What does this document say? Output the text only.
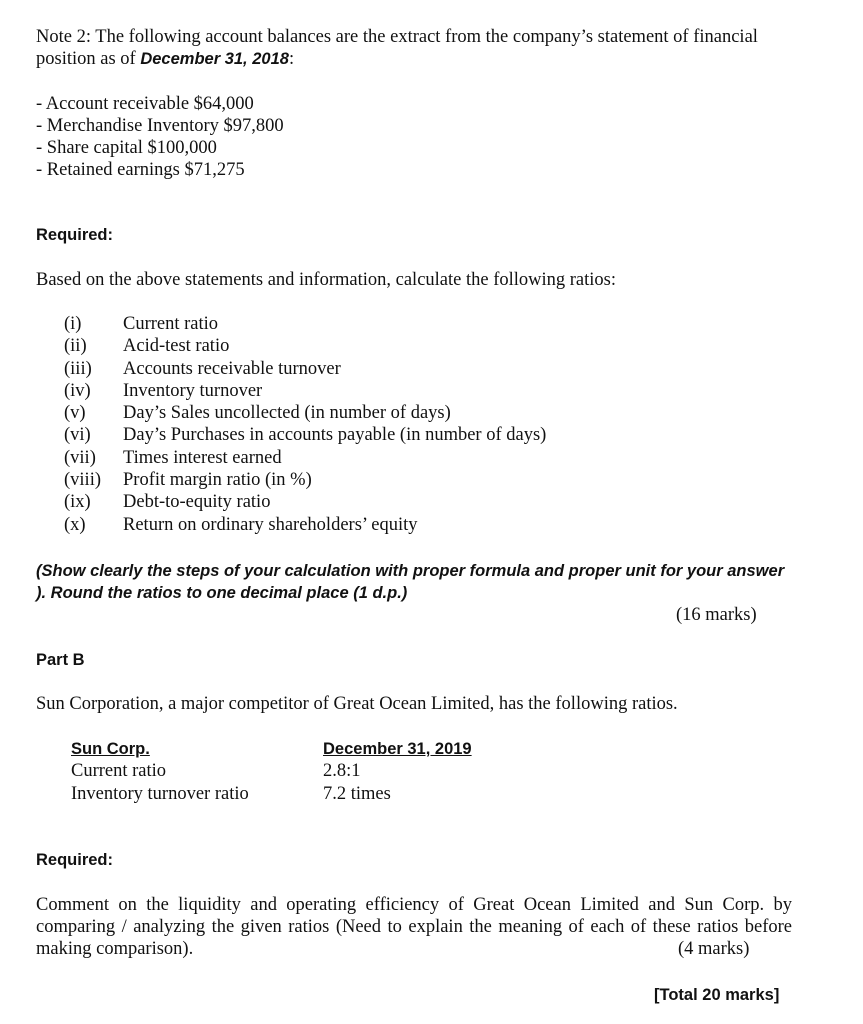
Note 2: The following account balances are the extract from the company’s statement of financial
position as of December 31, 2018:
- Account receivable $64,000
- Merchandise Inventory $97,800
- Share capital $100,000
- Retained earnings $71,275
Required:
Based on the above statements and information, calculate the following ratios:
(i) Current ratio
(ii) Acid-test ratio
(iii) Accounts receivable turnover
(iv) Inventory turnover
(v) Day’s Sales uncollected (in number of days)
(vi) Day’s Purchases in accounts payable (in number of days)
(vii) Times interest earned
(viii) Profit margin ratio (in %)
(ix) Debt-to-equity ratio
(x) Return on ordinary shareholders’ equity
(Show clearly the steps of your calculation with proper formula and proper unit for your answer
). Round the ratios to one decimal place (1 d.p.)
(16 marks)
Part B
Sun Corporation, a major competitor of Great Ocean Limited, has the following ratios.
Sun Corp.	December 31, 2019
Current ratio	2.8:1
Inventory turnover ratio	7.2 times
Required:
Comment on the liquidity and operating efficiency of Great Ocean Limited and Sun Corp. by
comparing / analyzing the given ratios (Need to explain the meaning of each of these ratios before
making comparison).	(4 marks)
[Total 20 marks]
